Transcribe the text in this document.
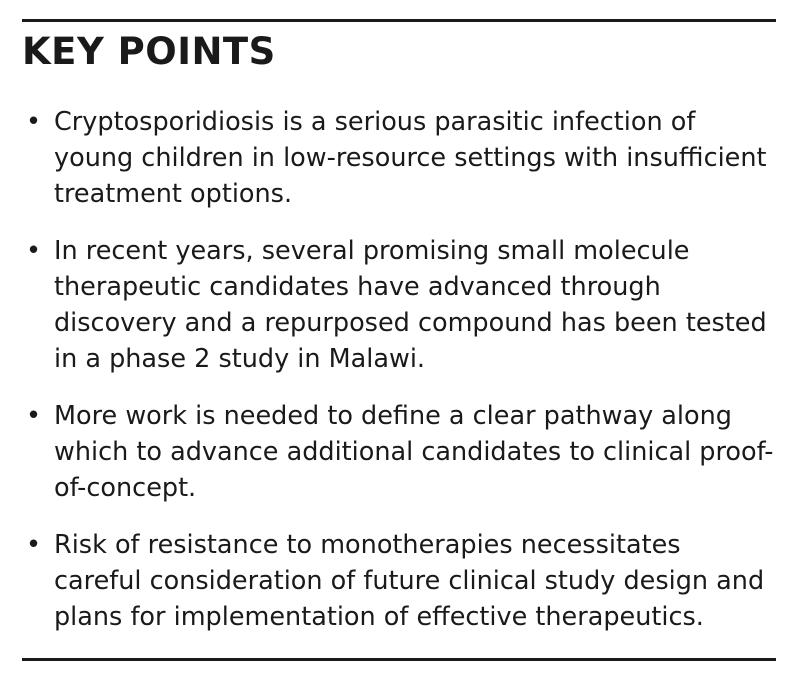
KEY POINTS
• Cryptosporidiosis is a serious parasitic infection of young children in low-resource settings with insufficient treatment options.
• In recent years, several promising small molecule therapeutic candidates have advanced through discovery and a repurposed compound has been tested in a phase 2 study in Malawi.
• More work is needed to define a clear pathway along which to advance additional candidates to clinical proof-of-concept.
• Risk of resistance to monotherapies necessitates careful consideration of future clinical study design and plans for implementation of effective therapeutics.
